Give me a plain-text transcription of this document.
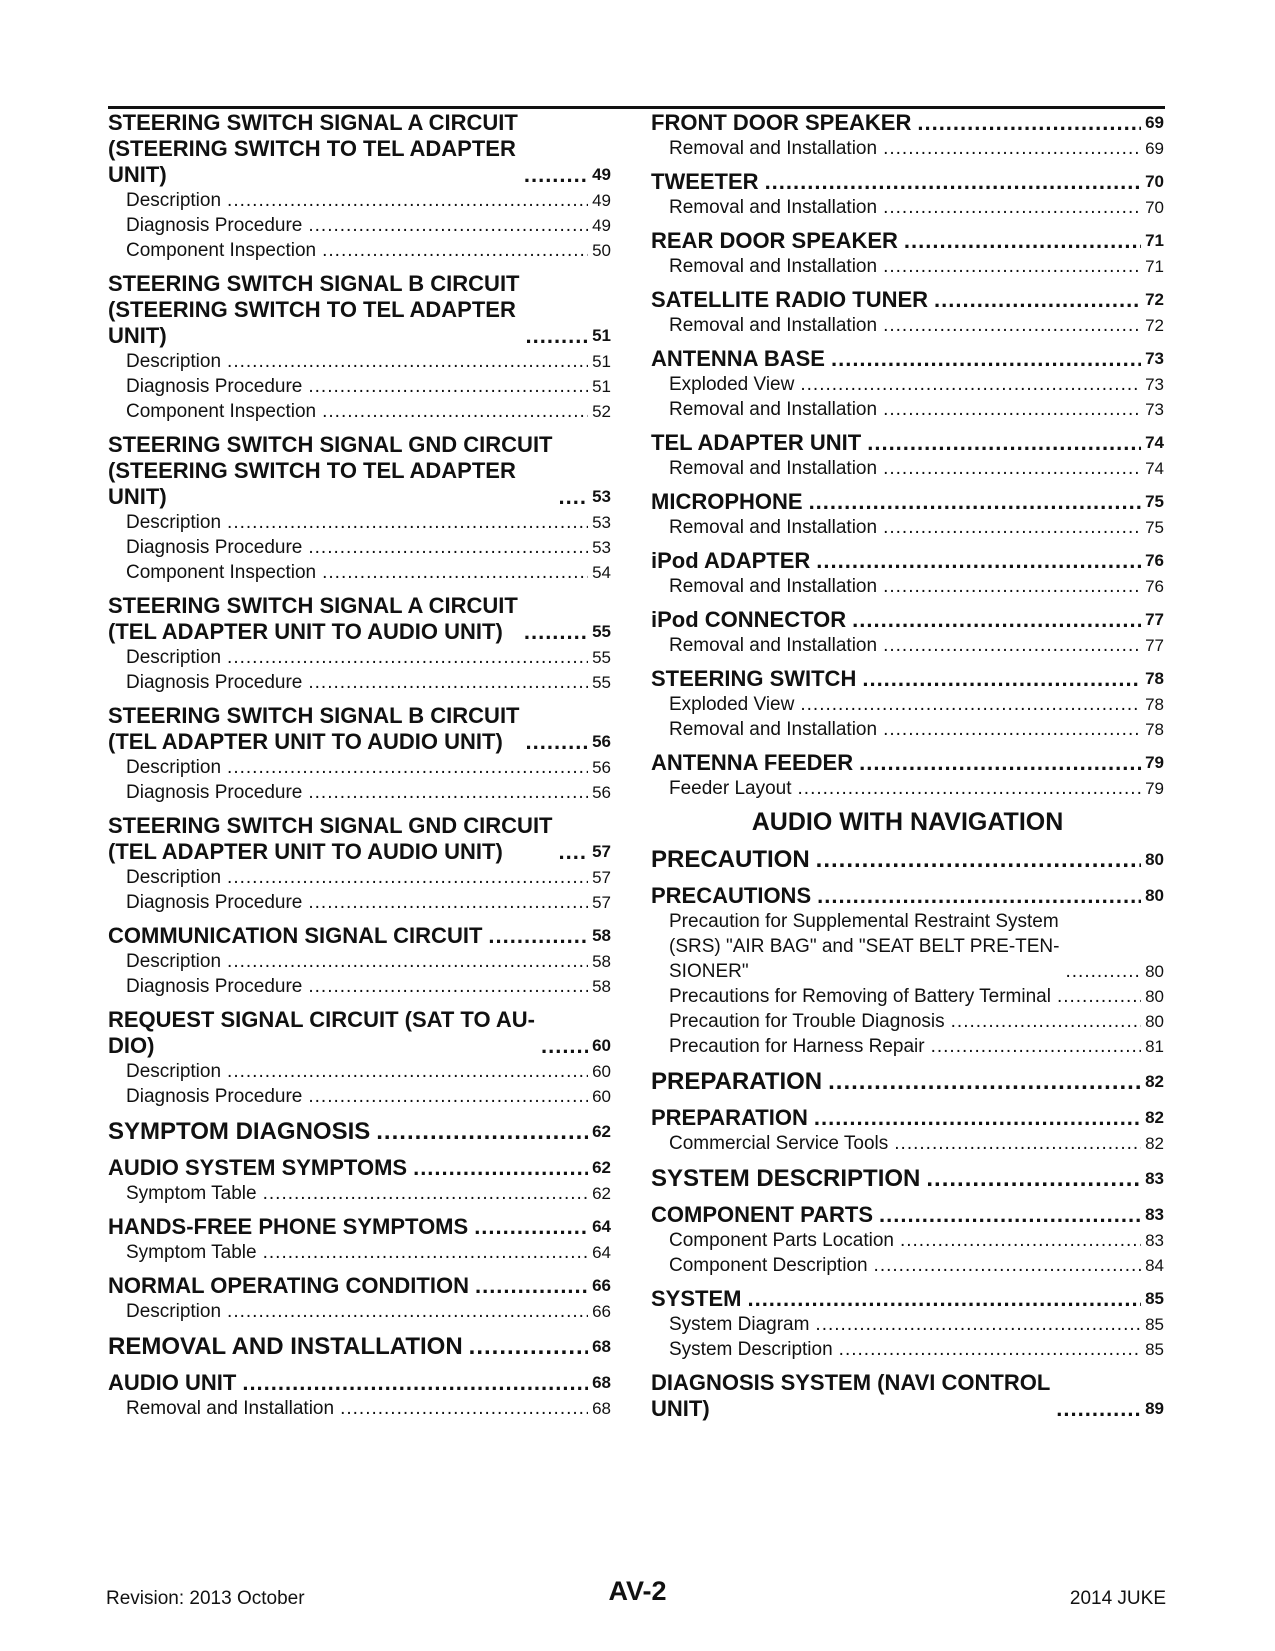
STEERING SWITCH SIGNAL A CIRCUIT
(STEERING SWITCH TO TEL ADAPTER
UNIT) .....	49
Description .....	49
Diagnosis Procedure .....	49
Component Inspection .....	50
STEERING SWITCH SIGNAL B CIRCUIT
(STEERING SWITCH TO TEL ADAPTER
UNIT) .....	51
Description .....	51
Diagnosis Procedure .....	51
Component Inspection .....	52
STEERING SWITCH SIGNAL GND CIRCUIT
(STEERING SWITCH TO TEL ADAPTER
UNIT) .....	53
Description .....	53
Diagnosis Procedure .....	53
Component Inspection .....	54
STEERING SWITCH SIGNAL A CIRCUIT
(TEL ADAPTER UNIT TO AUDIO UNIT) .....	55
Description .....	55
Diagnosis Procedure .....	55
STEERING SWITCH SIGNAL B CIRCUIT
(TEL ADAPTER UNIT TO AUDIO UNIT) .....	56
Description .....	56
Diagnosis Procedure .....	56
STEERING SWITCH SIGNAL GND CIRCUIT
(TEL ADAPTER UNIT TO AUDIO UNIT) .....	57
Description .....	57
Diagnosis Procedure .....	57
COMMUNICATION SIGNAL CIRCUIT .....	58
Description .....	58
Diagnosis Procedure .....	58
REQUEST SIGNAL CIRCUIT (SAT TO AU-
DIO) .....	60
Description .....	60
Diagnosis Procedure .....	60
SYMPTOM DIAGNOSIS .....	62
AUDIO SYSTEM SYMPTOMS .....	62
Symptom Table .....	62
HANDS-FREE PHONE SYMPTOMS .....	64
Symptom Table .....	64
NORMAL OPERATING CONDITION .....	66
Description .....	66
REMOVAL AND INSTALLATION .....	68
AUDIO UNIT .....	68
Removal and Installation .....	68
FRONT DOOR SPEAKER .....	69
Removal and Installation .....	69
TWEETER .....	70
Removal and Installation .....	70
REAR DOOR SPEAKER .....	71
Removal and Installation .....	71
SATELLITE RADIO TUNER .....	72
Removal and Installation .....	72
ANTENNA BASE .....	73
Exploded View .....	73
Removal and Installation .....	73
TEL ADAPTER UNIT .....	74
Removal and Installation .....	74
MICROPHONE .....	75
Removal and Installation .....	75
iPod ADAPTER .....	76
Removal and Installation .....	76
iPod CONNECTOR .....	77
Removal and Installation .....	77
STEERING SWITCH .....	78
Exploded View .....	78
Removal and Installation .....	78
ANTENNA FEEDER .....	79
Feeder Layout .....	79
AUDIO WITH NAVIGATION
PRECAUTION .....	80
PRECAUTIONS .....	80
Precaution for Supplemental Restraint System
(SRS) "AIR BAG" and "SEAT BELT PRE-TEN-
SIONER" .....	80
Precautions for Removing of Battery Terminal .....	80
Precaution for Trouble Diagnosis .....	80
Precaution for Harness Repair .....	81
PREPARATION .....	82
PREPARATION .....	82
Commercial Service Tools .....	82
SYSTEM DESCRIPTION .....	83
COMPONENT PARTS .....	83
Component Parts Location .....	83
Component Description .....	84
SYSTEM .....	85
System Diagram .....	85
System Description .....	85
DIAGNOSIS SYSTEM (NAVI CONTROL
UNIT) .....	89
Revision: 2013 October	AV-2	2014 JUKE
